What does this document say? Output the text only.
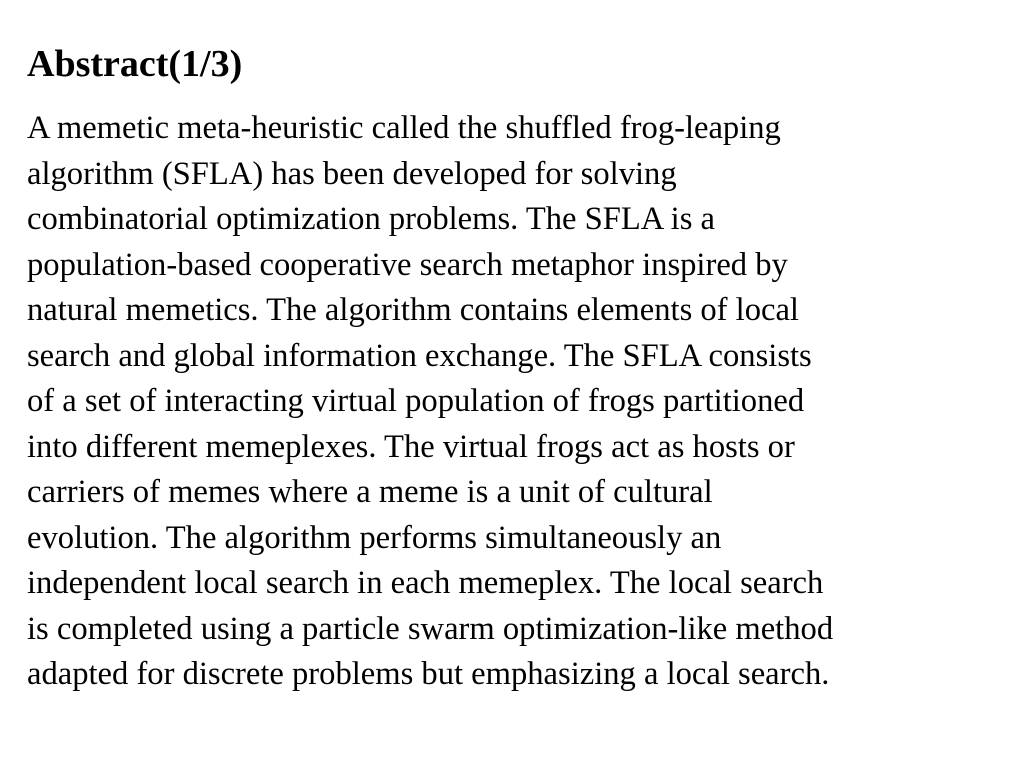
Abstract(1/3)
A memetic meta-heuristic called the shuffled frog-leaping
algorithm (SFLA) has been developed for solving
combinatorial optimization problems. The SFLA is a
population-based cooperative search metaphor inspired by
natural memetics. The algorithm contains elements of local
search and global information exchange. The SFLA consists
of a set of interacting virtual population of frogs partitioned
into different memeplexes. The virtual frogs act as hosts or
carriers of memes where a meme is a unit of cultural
evolution. The algorithm performs simultaneously an
independent local search in each memeplex. The local search
is completed using a particle swarm optimization-like method
adapted for discrete problems but emphasizing a local search.
